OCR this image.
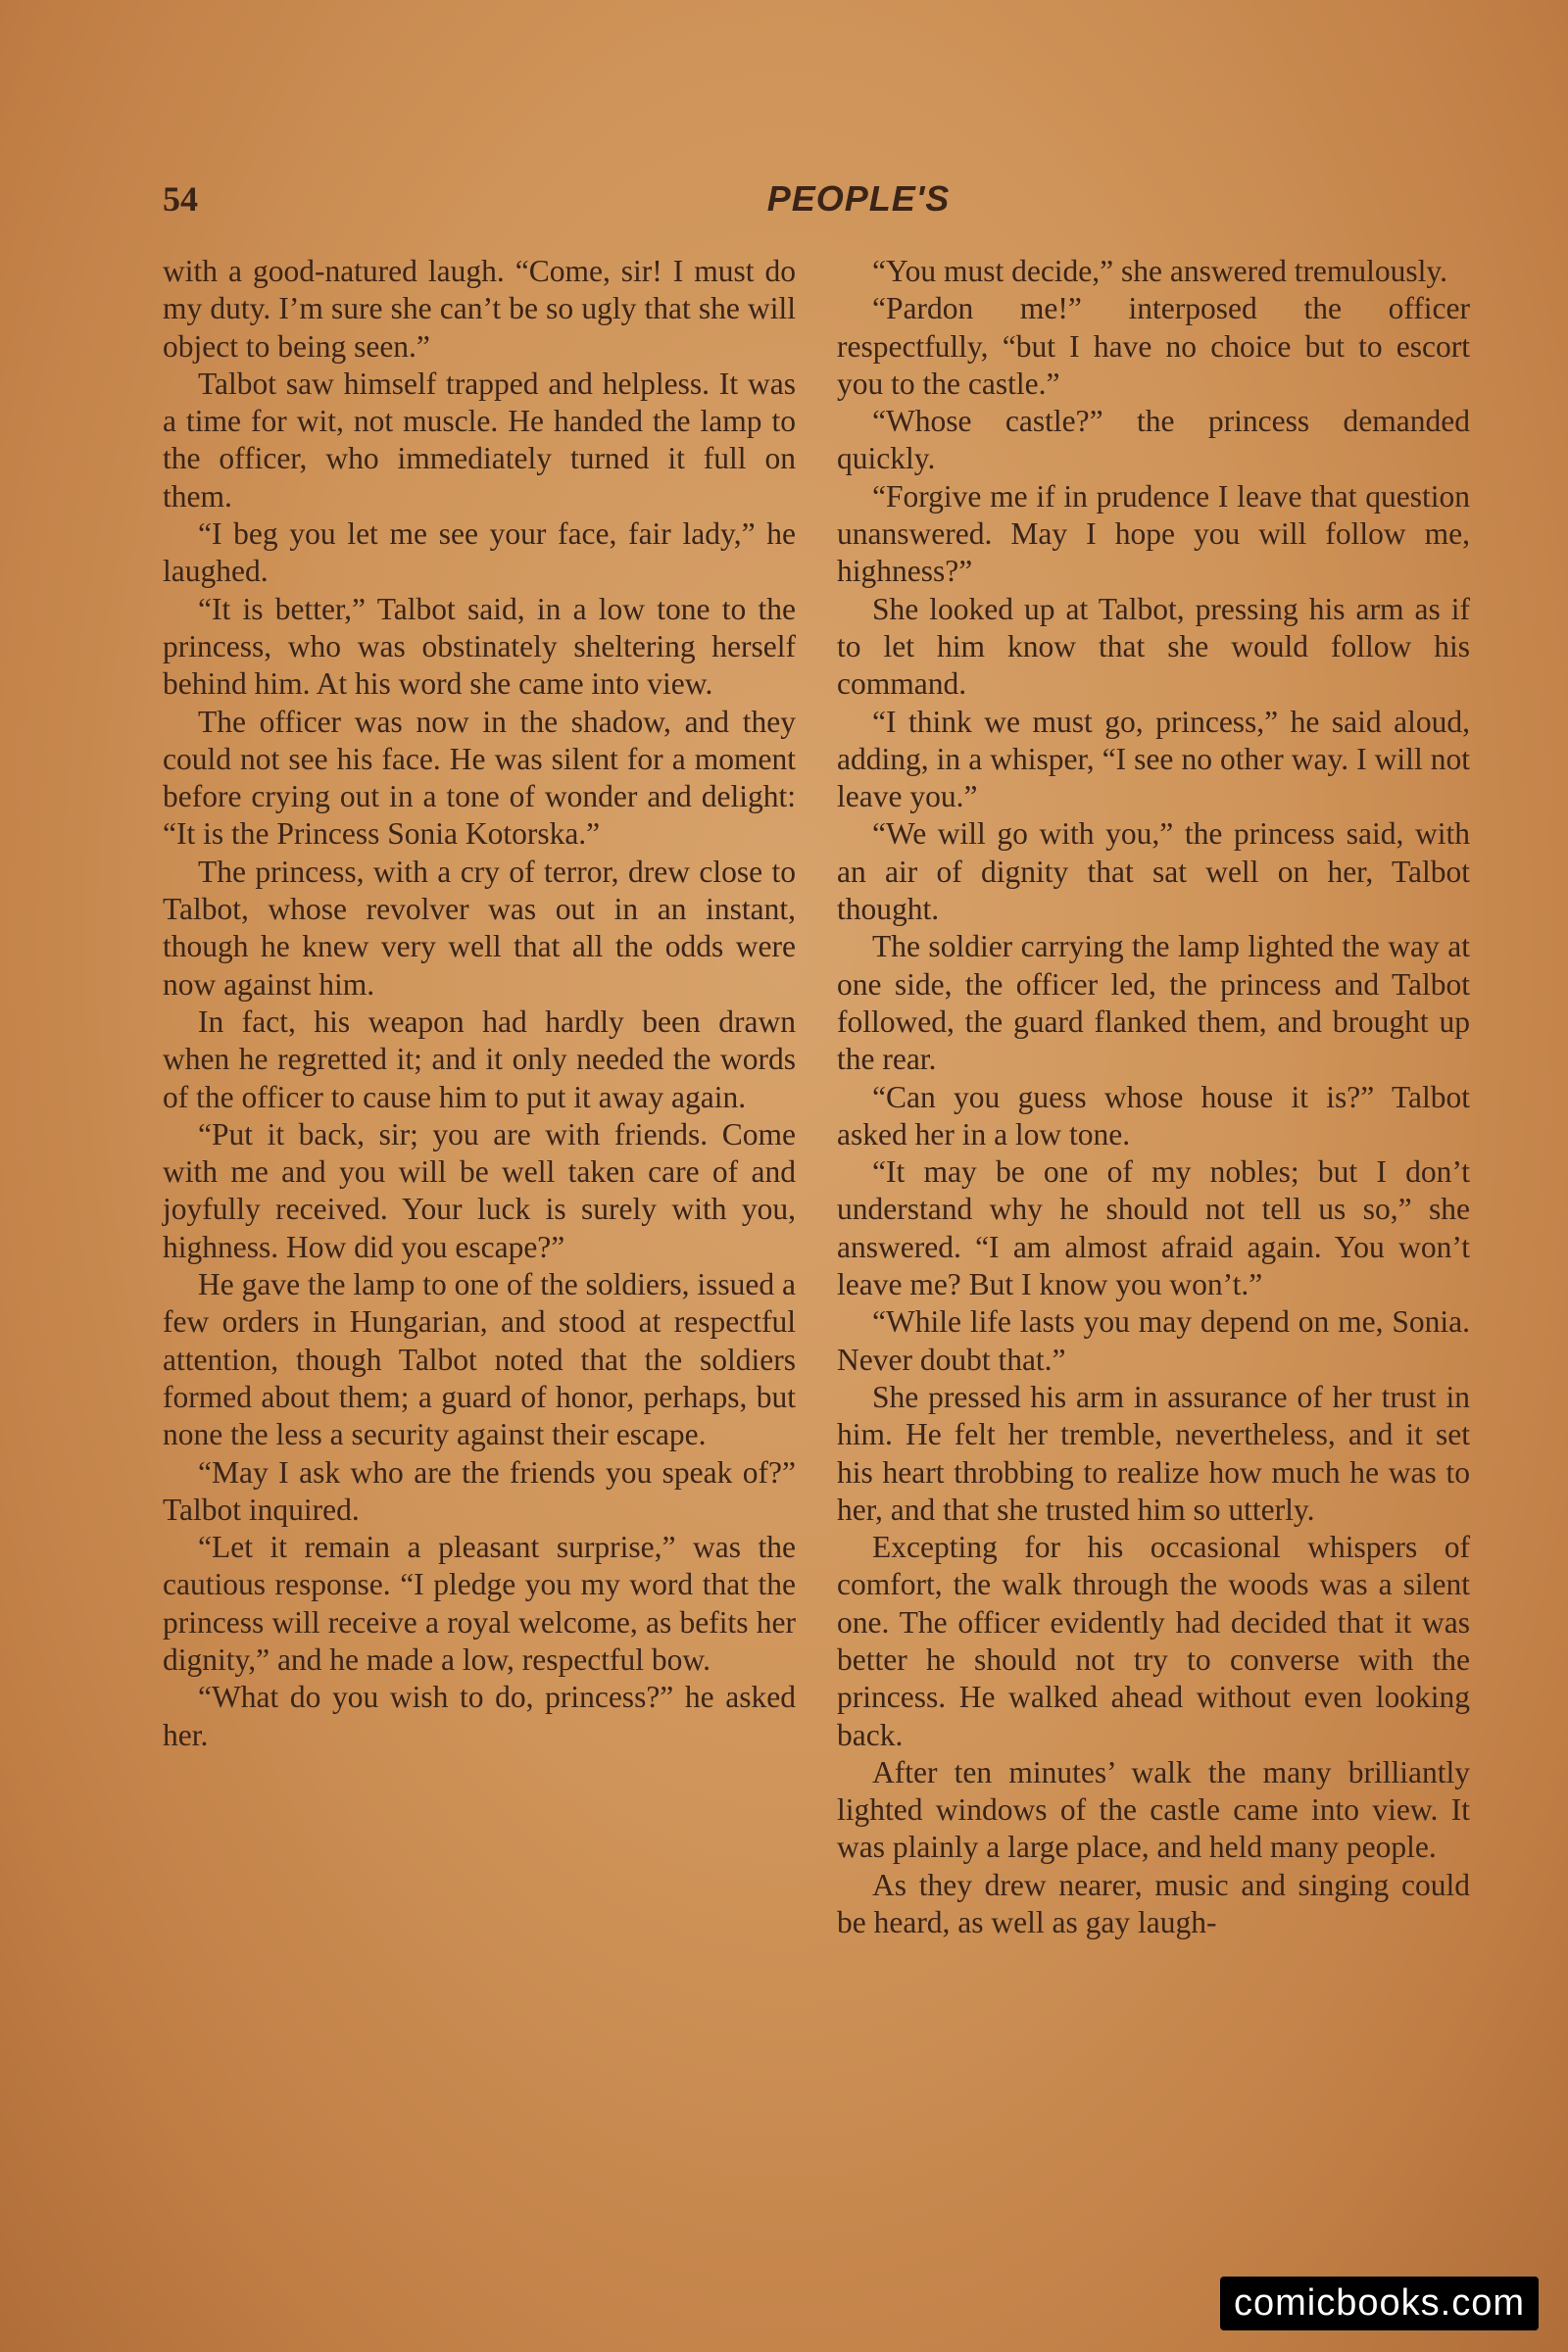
54	PEOPLE'S

with a good-natured laugh. “Come, sir! I must do my duty. I’m sure she can’t be so ugly that she will object to being seen.”

Talbot saw himself trapped and helpless. It was a time for wit, not muscle. He handed the lamp to the officer, who immediately turned it full on them.

“I beg you let me see your face, fair lady,” he laughed.

“It is better,” Talbot said, in a low tone to the princess, who was obstinately sheltering herself behind him. At his word she came into view.

The officer was now in the shadow, and they could not see his face. He was silent for a moment before crying out in a tone of wonder and delight: “It is the Princess Sonia Kotorska.”

The princess, with a cry of terror, drew close to Talbot, whose revolver was out in an instant, though he knew very well that all the odds were now against him.

In fact, his weapon had hardly been drawn when he regretted it; and it only needed the words of the officer to cause him to put it away again.

“Put it back, sir; you are with friends. Come with me and you will be well taken care of and joyfully received. Your luck is surely with you, highness. How did you escape?”

He gave the lamp to one of the soldiers, issued a few orders in Hungarian, and stood at respectful attention, though Talbot noted that the soldiers formed about them; a guard of honor, perhaps, but none the less a security against their escape.

“May I ask who are the friends you speak of?” Talbot inquired.

“Let it remain a pleasant surprise,” was the cautious response. “I pledge you my word that the princess will receive a royal welcome, as befits her dignity,” and he made a low, respectful bow.

“What do you wish to do, princess?” he asked her.

“You must decide,” she answered tremulously.

“Pardon me!” interposed the officer respectfully, “but I have no choice but to escort you to the castle.”

“Whose castle?” the princess demanded quickly.

“Forgive me if in prudence I leave that question unanswered. May I hope you will follow me, highness?”

She looked up at Talbot, pressing his arm as if to let him know that she would follow his command.

“I think we must go, princess,” he said aloud, adding, in a whisper, “I see no other way. I will not leave you.”

“We will go with you,” the princess said, with an air of dignity that sat well on her, Talbot thought.

The soldier carrying the lamp lighted the way at one side, the officer led, the princess and Talbot followed, the guard flanked them, and brought up the rear.

“Can you guess whose house it is?” Talbot asked her in a low tone.

“It may be one of my nobles; but I don’t understand why he should not tell us so,” she answered. “I am almost afraid again. You won’t leave me? But I know you won’t.”

“While life lasts you may depend on me, Sonia. Never doubt that.”

She pressed his arm in assurance of her trust in him. He felt her tremble, nevertheless, and it set his heart throbbing to realize how much he was to her, and that she trusted him so utterly.

Excepting for his occasional whispers of comfort, the walk through the woods was a silent one. The officer evidently had decided that it was better he should not try to converse with the princess. He walked ahead without even looking back.

After ten minutes’ walk the many brilliantly lighted windows of the castle came into view. It was plainly a large place, and held many people.

As they drew nearer, music and singing could be heard, as well as gay laugh-

comicbooks.com
